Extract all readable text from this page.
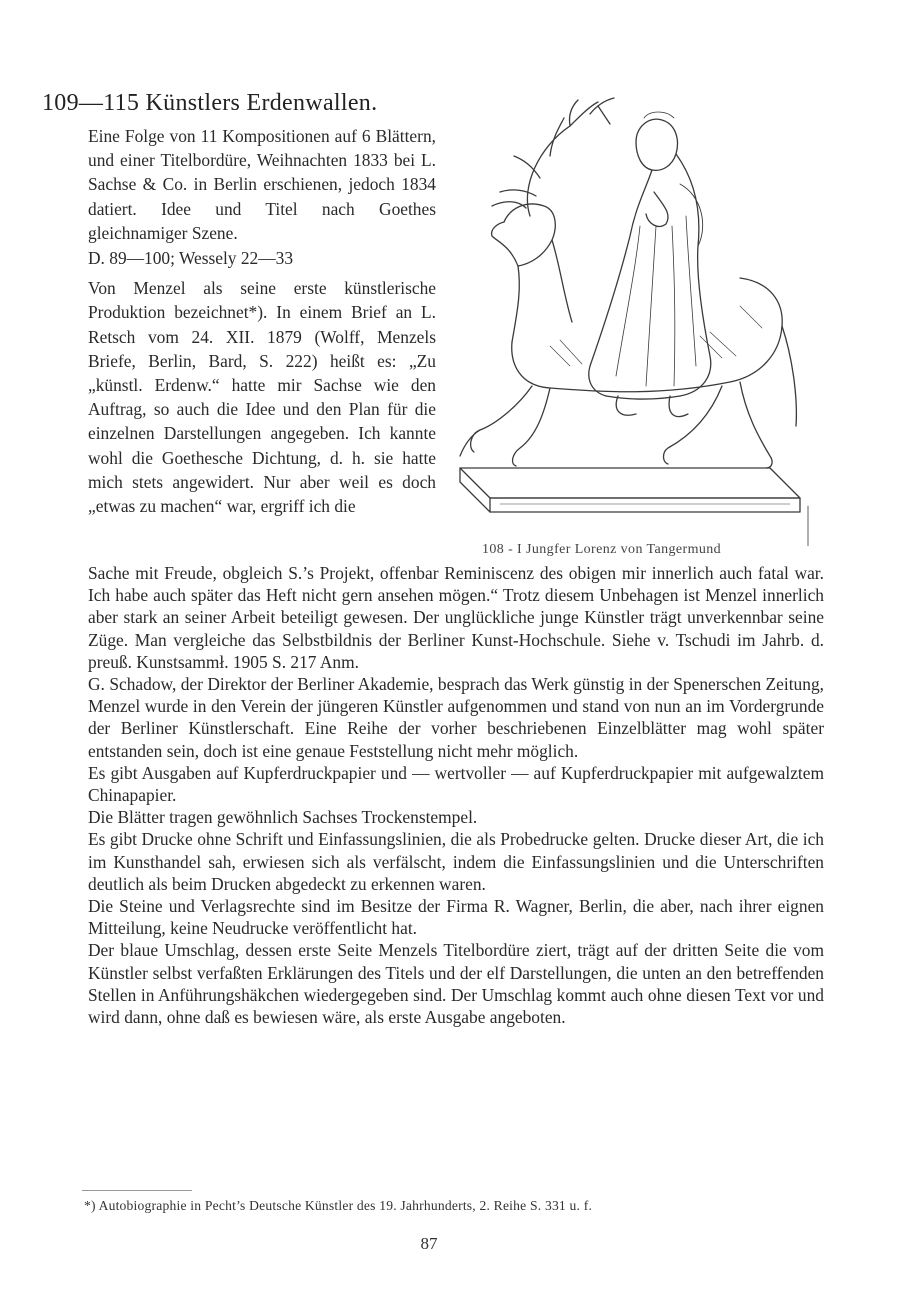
109—115 Künstlers Erdenwallen.

Eine Folge von 11 Kompositionen auf 6 Blättern, und einer Titelbordüre, Weihnachten 1833 bei L. Sachse & Co. in Berlin erschienen, jedoch 1834 datiert. Idee und Titel nach Goethes gleichnamiger Szene.

D. 89—100; Wessely 22—33

Von Menzel als seine erste künstlerische Produktion bezeichnet*). In einem Brief an L. Retsch vom 24. XII. 1879 (Wolff, Menzels Briefe, Berlin, Bard, S. 222) heißt es: „Zu „künstl. Erdenw.“ hatte mir Sachse wie den Auftrag, so auch die Idee und den Plan für die einzelnen Darstellungen angegeben. Ich kannte wohl die Goethesche Dichtung, d. h. sie hatte mich stets angewidert. Nur aber weil es doch „etwas zu machen“ war, ergriff ich die

108 - I Jungfer Lorenz von Tangermund

Sache mit Freude, obgleich S.’s Projekt, offenbar Reminiscenz des obigen mir innerlich auch fatal war. Ich habe auch später das Heft nicht gern ansehen mögen.“ Trotz diesem Unbehagen ist Menzel innerlich aber stark an seiner Arbeit beteiligt gewesen. Der unglückliche junge Künstler trägt unverkennbar seine Züge. Man vergleiche das Selbstbildnis der Berliner Kunst-Hochschule. Siehe v. Tschudi im Jahrb. d. preuß. Kunstsammł. 1905 S. 217 Anm.

G. Schadow, der Direktor der Berliner Akademie, besprach das Werk günstig in der Spenerschen Zeitung, Menzel wurde in den Verein der jüngeren Künstler aufgenommen und stand von nun an im Vordergrunde der Berliner Künstlerschaft. Eine Reihe der vorher beschriebenen Einzelblätter mag wohl später entstanden sein, doch ist eine genaue Feststellung nicht mehr möglich.

Es gibt Ausgaben auf Kupferdruckpapier und — wertvoller — auf Kupferdruckpapier mit aufgewalztem Chinapapier.

Die Blätter tragen gewöhnlich Sachses Trockenstempel.

Es gibt Drucke ohne Schrift und Einfassungslinien, die als Probedrucke gelten. Drucke dieser Art, die ich im Kunsthandel sah, erwiesen sich als verfälscht, indem die Einfassungslinien und die Unterschriften deutlich als beim Drucken abgedeckt zu erkennen waren.

Die Steine und Verlagsrechte sind im Besitze der Firma R. Wagner, Berlin, die aber, nach ihrer eignen Mitteilung, keine Neudrucke veröffentlicht hat.

Der blaue Umschlag, dessen erste Seite Menzels Titelbordüre ziert, trägt auf der dritten Seite die vom Künstler selbst verfaßten Erklärungen des Titels und der elf Darstellungen, die unten an den betreffenden Stellen in Anführungshäkchen wiedergegeben sind. Der Umschlag kommt auch ohne diesen Text vor und wird dann, ohne daß es bewiesen wäre, als erste Ausgabe angeboten.

*) Autobiographie in Pecht’s Deutsche Künstler des 19. Jahrhunderts, 2. Reihe S. 331 u. f.
87
